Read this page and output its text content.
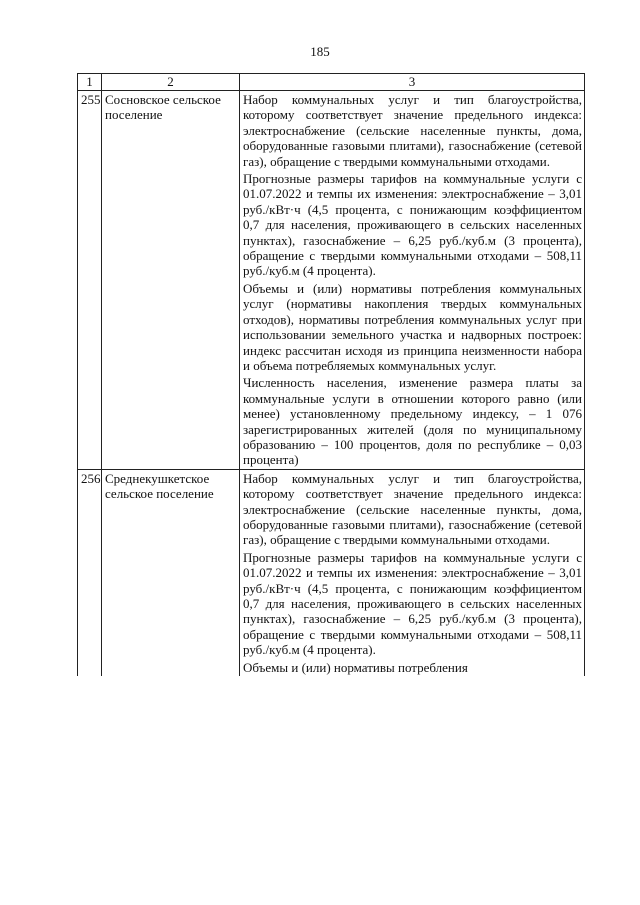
185
1	2	3
255	Сосновское сельское поселение	Набор коммунальных услуг и тип благоустройства, которому соответствует значение предельного индекса: электроснабжение (сельские населенные пункты, дома, оборудованные газовыми плитами), газоснабжение (сетевой газ), обращение с твердыми коммунальными отходами.

Прогнозные размеры тарифов на коммунальные услуги с 01.07.2022 и темпы их изменения: электроснабжение – 3,01 руб./кВт·ч (4,5 процента, с понижающим коэффициентом 0,7 для населения, проживающего в сельских населенных пунктах), газоснабжение – 6,25 руб./куб.м (3 процента), обращение с твердыми коммунальными отходами – 508,11 руб./куб.м (4 процента).

Объемы и (или) нормативы потребления коммунальных услуг (нормативы накопления твердых коммунальных отходов), нормативы потребления коммунальных услуг при использовании земельного участка и надворных построек: индекс рассчитан исходя из принципа неизменности набора и объема потребляемых коммунальных услуг.

Численность населения, изменение размера платы за коммунальные услуги в отношении которого равно (или менее) установленному предельному индексу, – 1 076 зарегистрированных жителей (доля по муниципальному образованию – 100 процентов, доля по республике – 0,03 процента)

256	Среднекушкетское сельское поселение	Набор коммунальных услуг и тип благоустройства, которому соответствует значение предельного индекса: электроснабжение (сельские населенные пункты, дома, оборудованные газовыми плитами), газоснабжение (сетевой газ), обращение с твердыми коммунальными отходами.

Прогнозные размеры тарифов на коммунальные услуги с 01.07.2022 и темпы их изменения: электроснабжение – 3,01 руб./кВт·ч (4,5 процента, с понижающим коэффициентом 0,7 для населения, проживающего в сельских населенных пунктах), газоснабжение – 6,25 руб./куб.м (3 процента), обращение с твердыми коммунальными отходами – 508,11 руб./куб.м (4 процента).

Объемы и (или) нормативы потребления
